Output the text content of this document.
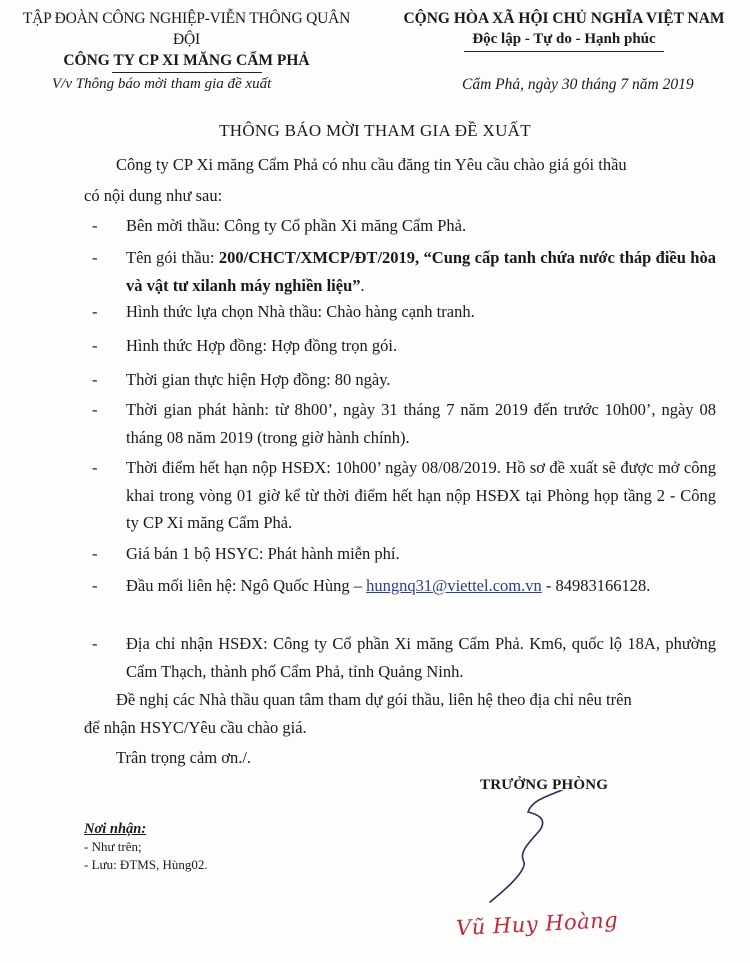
TẬP ĐOÀN CÔNG NGHIỆP-VIỄN THÔNG QUÂN ĐỘI
CÔNG TY CP XI MĂNG CẨM PHẢ
CỘNG HÒA XÃ HỘI CHỦ NGHĨA VIỆT NAM
Độc lập - Tự do - Hạnh phúc
V/v Thông báo mời tham gia đề xuất	Cẩm Phả, ngày 30 tháng 7 năm 2019
THÔNG BÁO MỜI THAM GIA ĐỀ XUẤT
Công ty CP Xi măng Cẩm Phả có nhu cầu đăng tin Yêu cầu chào giá gói thầu
có nội dung như sau:
-	Bên mời thầu: Công ty Cổ phần Xi măng Cẩm Phả.
-	Tên gói thầu: 200/CHCT/XMCP/ĐT/2019, “Cung cấp tanh chứa nước tháp điều hòa và vật tư xilanh máy nghiền liệu”.
-	Hình thức lựa chọn Nhà thầu: Chào hàng cạnh tranh.
-	Hình thức Hợp đồng: Hợp đồng trọn gói.
-	Thời gian thực hiện Hợp đồng: 80 ngày.
-	Thời gian phát hành: từ 8h00’, ngày 31 tháng 7 năm 2019 đến trước 10h00’, ngày 08 tháng 08 năm 2019 (trong giờ hành chính).
-	Thời điểm hết hạn nộp HSĐX: 10h00’ ngày 08/08/2019. Hồ sơ đề xuất sẽ được mở công khai trong vòng 01 giờ kể từ thời điểm hết hạn nộp HSĐX tại Phòng họp tầng 2 - Công ty CP Xi măng Cẩm Phả.
-	Giá bán 1 bộ HSYC: Phát hành miễn phí.
-	Đầu mối liên hệ: Ngô Quốc Hùng – hungnq31@viettel.com.vn - 84983166128.
-	Địa chỉ nhận HSĐX: Công ty Cổ phần Xi măng Cẩm Phả. Km6, quốc lộ 18A, phường Cẩm Thạch, thành phố Cẩm Phả, tỉnh Quảng Ninh.
Đề nghị các Nhà thầu quan tâm tham dự gói thầu, liên hệ theo địa chỉ nêu trên
để nhận HSYC/Yêu cầu chào giá.
Trân trọng cảm ơn./.
TRƯỞNG PHÒNG
Nơi nhận:
- Như trên;
- Lưu: ĐTMS, Hùng02.
Vũ Huy Hoàng
